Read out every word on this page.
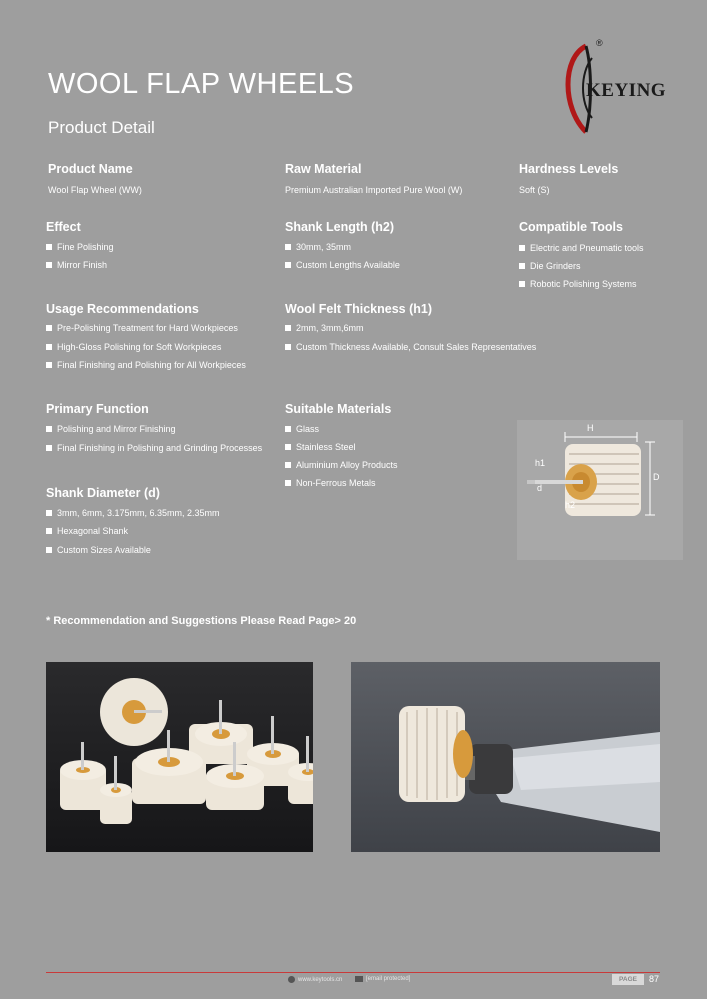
WOOL FLAP WHEELS
Product Detail
®
KEYING
Product Name
Wool Flap Wheel (WW)
Raw Material
Premium Australian Imported Pure Wool (W)
Hardness Levels
Soft (S)
Effect
Fine Polishing
Mirror Finish
Shank Length (h2)
30mm, 35mm
Custom Lengths Available
Compatible Tools
Electric and Pneumatic tools
Die Grinders
Robotic Polishing Systems
Usage Recommendations
Pre-Polishing Treatment for Hard Workpieces
High-Gloss Polishing for Soft Workpieces
Final Finishing and Polishing for All Workpieces
Wool Felt Thickness (h1)
2mm, 3mm,6mm
Custom Thickness Available, Consult Sales Representatives
Primary Function
Polishing and Mirror Finishing
Final Finishing in Polishing and Grinding Processes
Suitable Materials
Glass
Stainless Steel
Aluminium Alloy Products
Non-Ferrous Metals
Shank Diameter (d)
3mm, 6mm, 3.175mm, 6.35mm, 2.35mm
Hexagonal Shank
Custom Sizes Available
H
D
h1
d
h2
* Recommendation and Suggestions Please Read Page> 20
www.keytools.cn	[email protected]	PAGE	87
